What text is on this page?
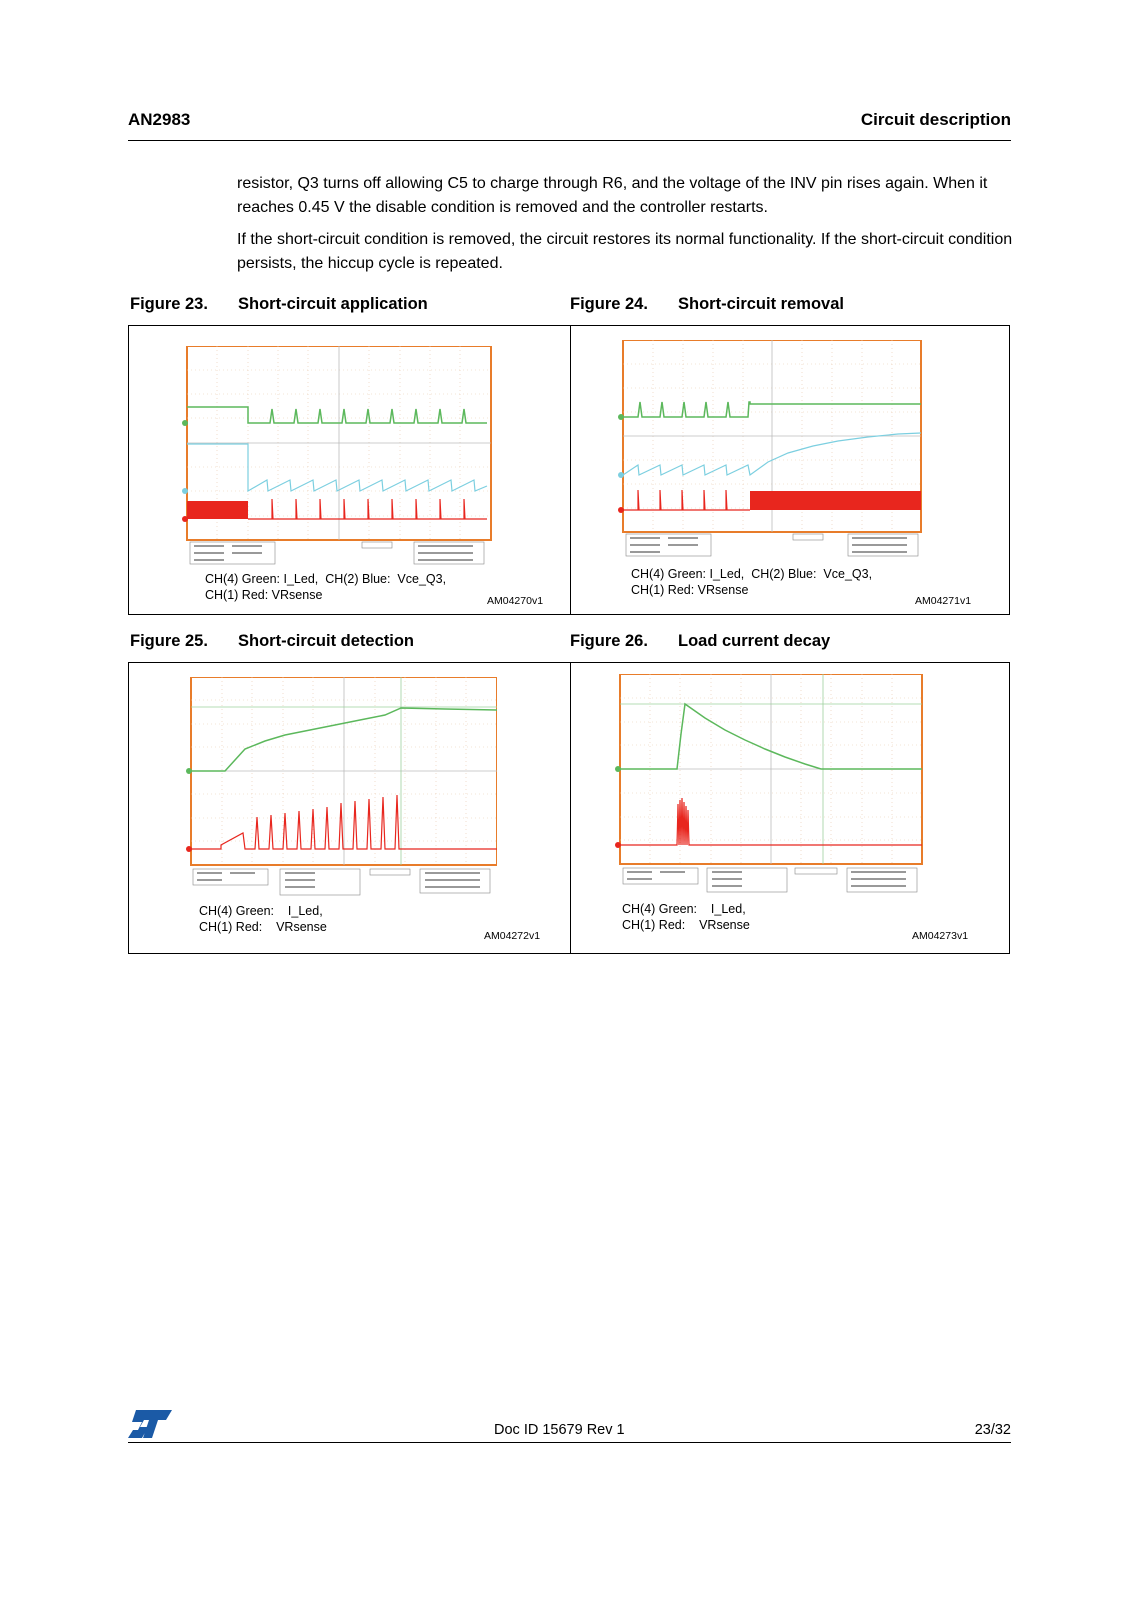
AN2983	Circuit description

resistor, Q3 turns off allowing C5 to charge through R6, and the voltage of the INV pin rises again. When it reaches 0.45 V the disable condition is removed and the controller restarts.

If the short-circuit condition is removed, the circuit restores its normal functionality. If the short-circuit condition persists, the hiccup cycle is repeated.

Figure 23. Short-circuit application	Figure 24. Short-circuit removal
CH(4) Green: I_Led,  CH(2) Blue:  Vce_Q3,
CH(1) Red: VRsense	AM04270v1
CH(4) Green: I_Led,  CH(2) Blue:  Vce_Q3,
CH(1) Red: VRsense
AM04271v1
Figure 25. Short-circuit detection	Figure 26. Load current decay
CH(4) Green:    I_Led,
CH(1) Red:    VRsense
AM04272v1
CH(4) Green:    I_Led,
CH(1) Red:    VRsense
AM04273v1
Doc ID 15679 Rev 1	23/32
